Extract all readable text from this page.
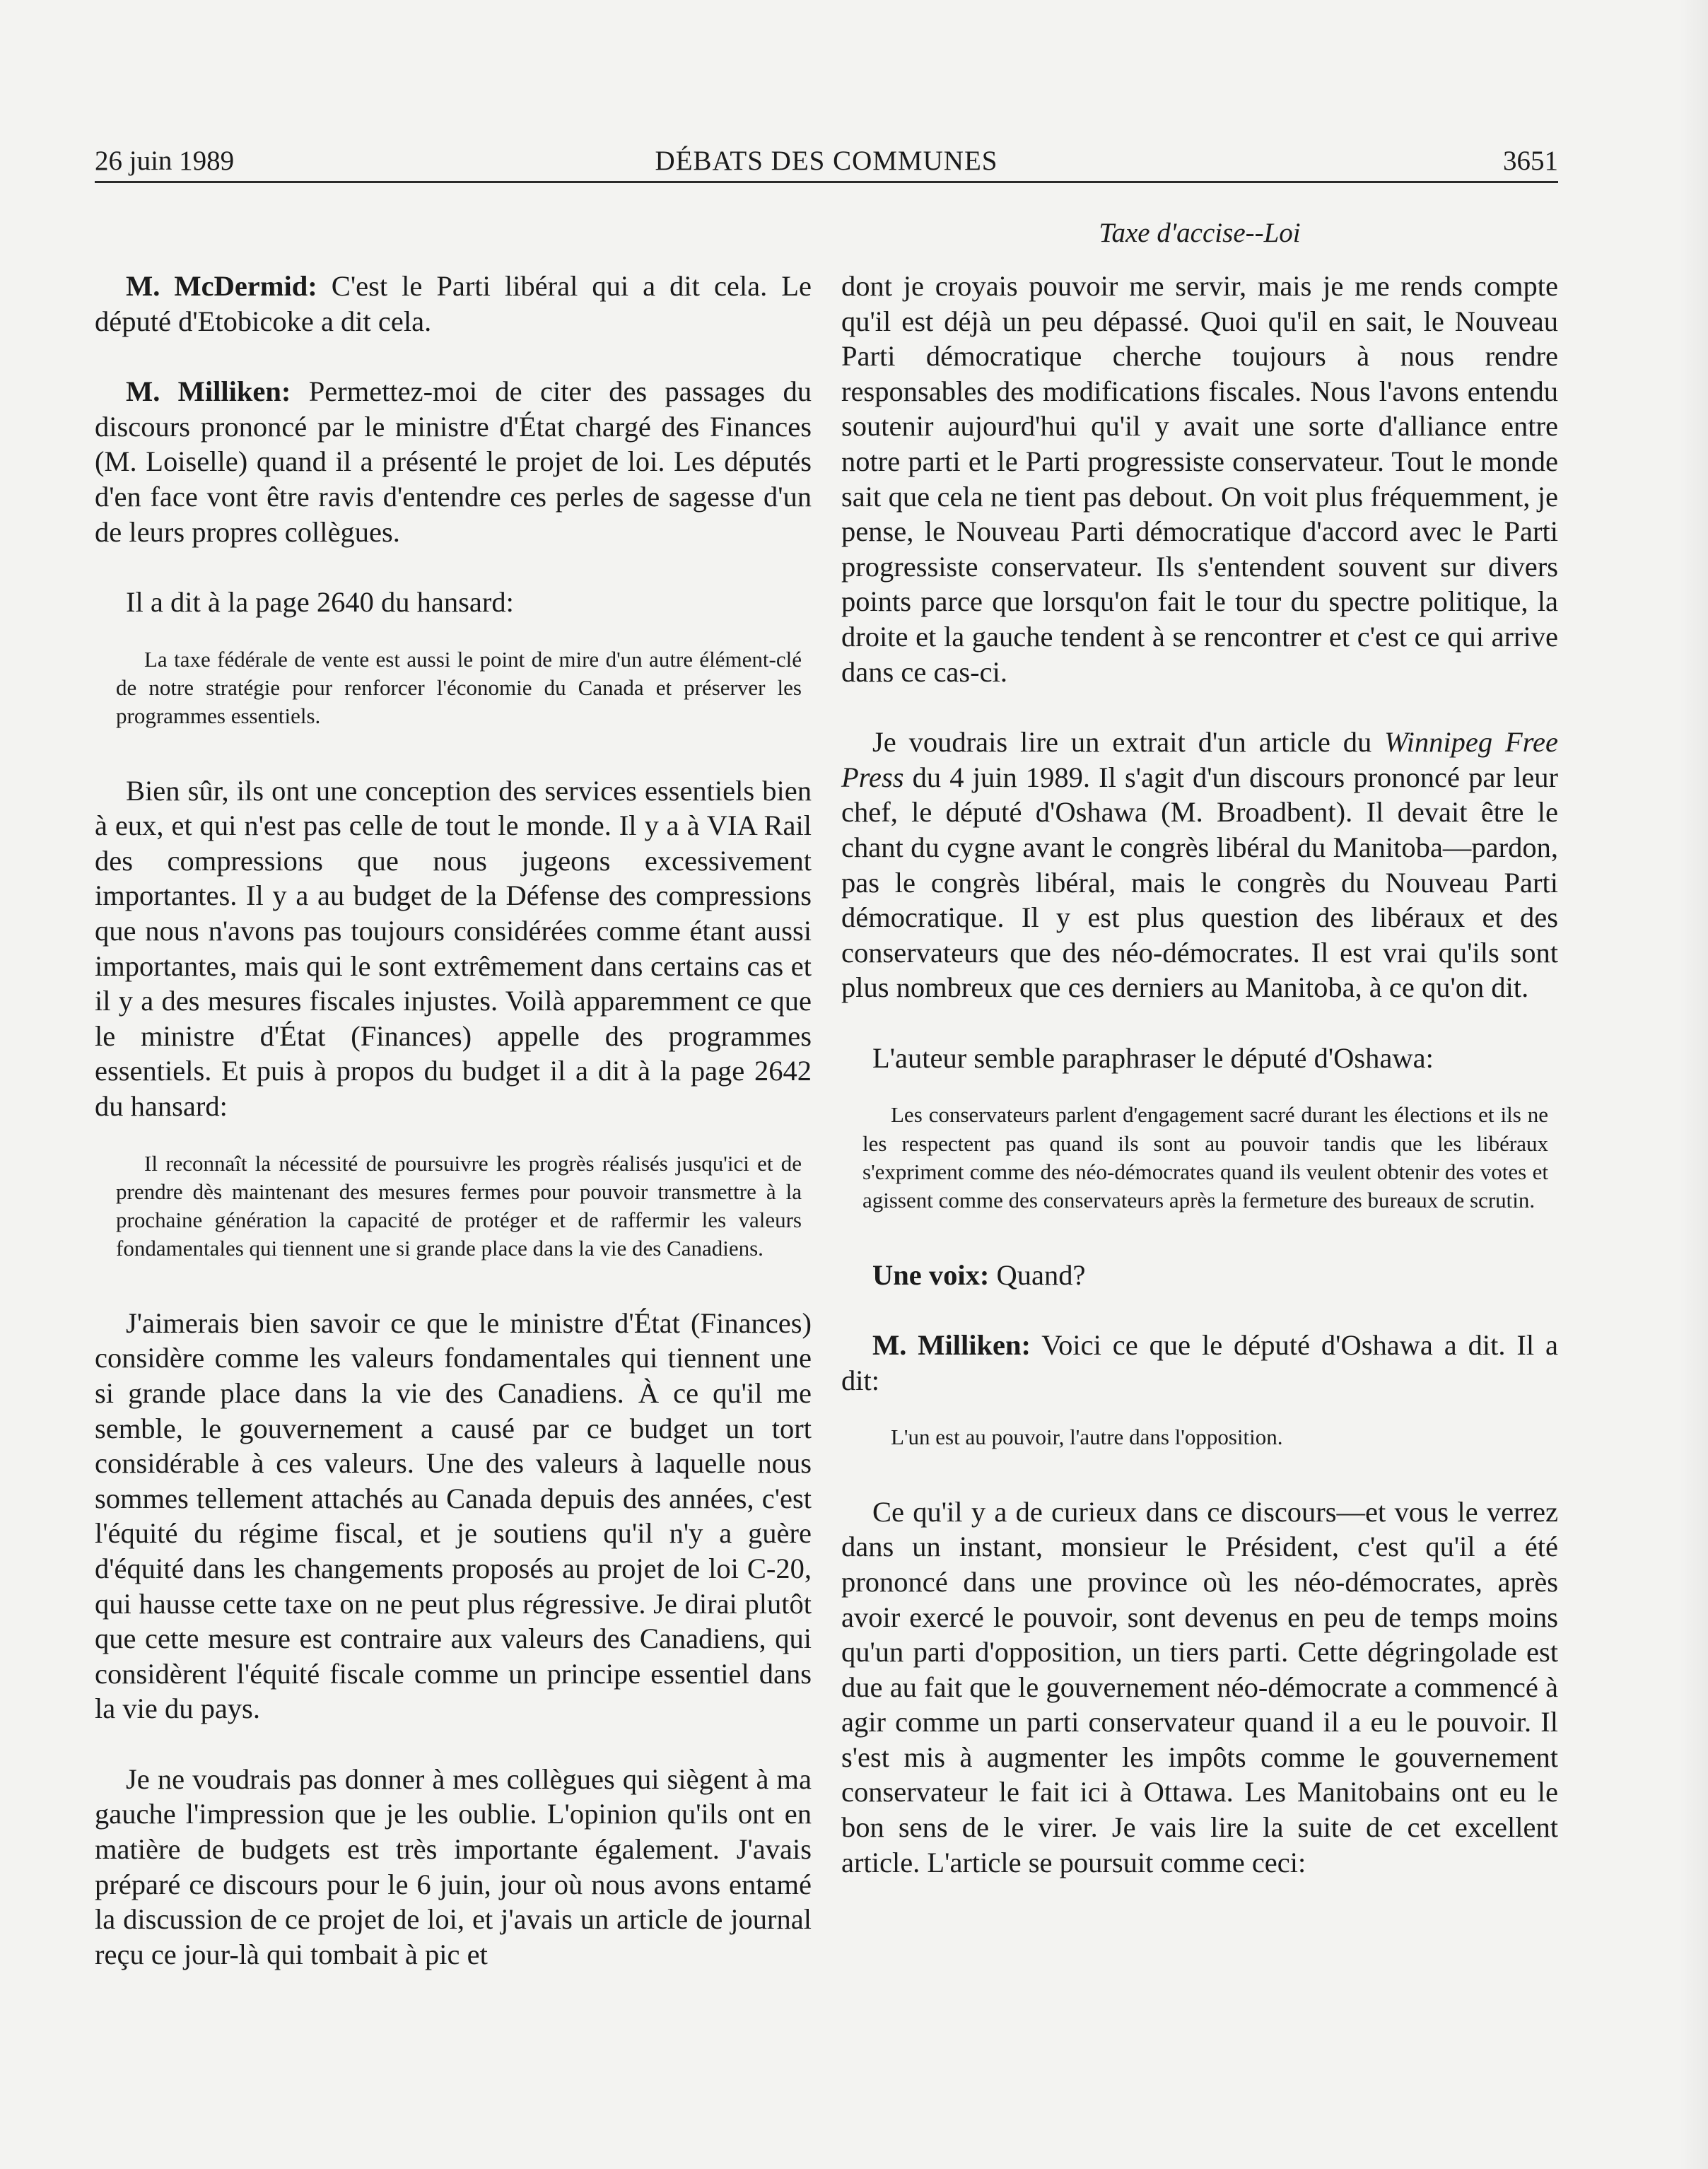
26 juin 1989	DÉBATS DES COMMUNES	3651
Taxe d'accise--Loi

M. McDermid: C'est le Parti libéral qui a dit cela. Le député d'Etobicoke a dit cela.

M. Milliken: Permettez-moi de citer des passages du discours prononcé par le ministre d'État chargé des Finances (M. Loiselle) quand il a présenté le projet de loi. Les députés d'en face vont être ravis d'entendre ces perles de sagesse d'un de leurs propres collègues.

Il a dit à la page 2640 du hansard:

La taxe fédérale de vente est aussi le point de mire d'un autre élément-clé de notre stratégie pour renforcer l'économie du Canada et préserver les programmes essentiels.

Bien sûr, ils ont une conception des services essentiels bien à eux, et qui n'est pas celle de tout le monde. Il y a à VIA Rail des compressions que nous jugeons excessivement importantes. Il y a au budget de la Défense des compressions que nous n'avons pas toujours considérées comme étant aussi importantes, mais qui le sont extrêmement dans certains cas et il y a des mesures fiscales injustes. Voilà apparemment ce que le ministre d'État (Finances) appelle des programmes essentiels. Et puis à propos du budget il a dit à la page 2642 du hansard:

Il reconnaît la nécessité de poursuivre les progrès réalisés jusqu'ici et de prendre dès maintenant des mesures fermes pour pouvoir transmettre à la prochaine génération la capacité de protéger et de raffermir les valeurs fondamentales qui tiennent une si grande place dans la vie des Canadiens.

J'aimerais bien savoir ce que le ministre d'État (Finances) considère comme les valeurs fondamentales qui tiennent une si grande place dans la vie des Canadiens. À ce qu'il me semble, le gouvernement a causé par ce budget un tort considérable à ces valeurs. Une des valeurs à laquelle nous sommes tellement attachés au Canada depuis des années, c'est l'équité du régime fiscal, et je soutiens qu'il n'y a guère d'équité dans les changements proposés au projet de loi C-20, qui hausse cette taxe on ne peut plus régressive. Je dirai plutôt que cette mesure est contraire aux valeurs des Canadiens, qui considèrent l'équité fiscale comme un principe essentiel dans la vie du pays.

Je ne voudrais pas donner à mes collègues qui siègent à ma gauche l'impression que je les oublie. L'opinion qu'ils ont en matière de budgets est très importante également. J'avais préparé ce discours pour le 6 juin, jour où nous avons entamé la discussion de ce projet de loi, et j'avais un article de journal reçu ce jour-là qui tombait à pic et

dont je croyais pouvoir me servir, mais je me rends compte qu'il est déjà un peu dépassé. Quoi qu'il en sait, le Nouveau Parti démocratique cherche toujours à nous rendre responsables des modifications fiscales. Nous l'avons entendu soutenir aujourd'hui qu'il y avait une sorte d'alliance entre notre parti et le Parti progressiste conservateur. Tout le monde sait que cela ne tient pas debout. On voit plus fréquemment, je pense, le Nouveau Parti démocratique d'accord avec le Parti progressiste conservateur. Ils s'entendent souvent sur divers points parce que lorsqu'on fait le tour du spectre politique, la droite et la gauche tendent à se rencontrer et c'est ce qui arrive dans ce cas-ci.

Je voudrais lire un extrait d'un article du Winnipeg Free Press du 4 juin 1989. Il s'agit d'un discours prononcé par leur chef, le député d'Oshawa (M. Broadbent). Il devait être le chant du cygne avant le congrès libéral du Manitoba—pardon, pas le congrès libéral, mais le congrès du Nouveau Parti démocratique. Il y est plus question des libéraux et des conservateurs que des néo-démocrates. Il est vrai qu'ils sont plus nombreux que ces derniers au Manitoba, à ce qu'on dit.

L'auteur semble paraphraser le député d'Oshawa:

Les conservateurs parlent d'engagement sacré durant les élections et ils ne les respectent pas quand ils sont au pouvoir tandis que les libéraux s'expriment comme des néo-démocrates quand ils veulent obtenir des votes et agissent comme des conservateurs après la fermeture des bureaux de scrutin.

Une voix: Quand?

M. Milliken: Voici ce que le député d'Oshawa a dit. Il a dit:

L'un est au pouvoir, l'autre dans l'opposition.

Ce qu'il y a de curieux dans ce discours—et vous le verrez dans un instant, monsieur le Président, c'est qu'il a été prononcé dans une province où les néo-démocrates, après avoir exercé le pouvoir, sont devenus en peu de temps moins qu'un parti d'opposition, un tiers parti. Cette dégringolade est due au fait que le gouvernement néo-démocrate a commencé à agir comme un parti conservateur quand il a eu le pouvoir. Il s'est mis à augmenter les impôts comme le gouvernement conservateur le fait ici à Ottawa. Les Manitobains ont eu le bon sens de le virer. Je vais lire la suite de cet excellent article. L'article se poursuit comme ceci:
